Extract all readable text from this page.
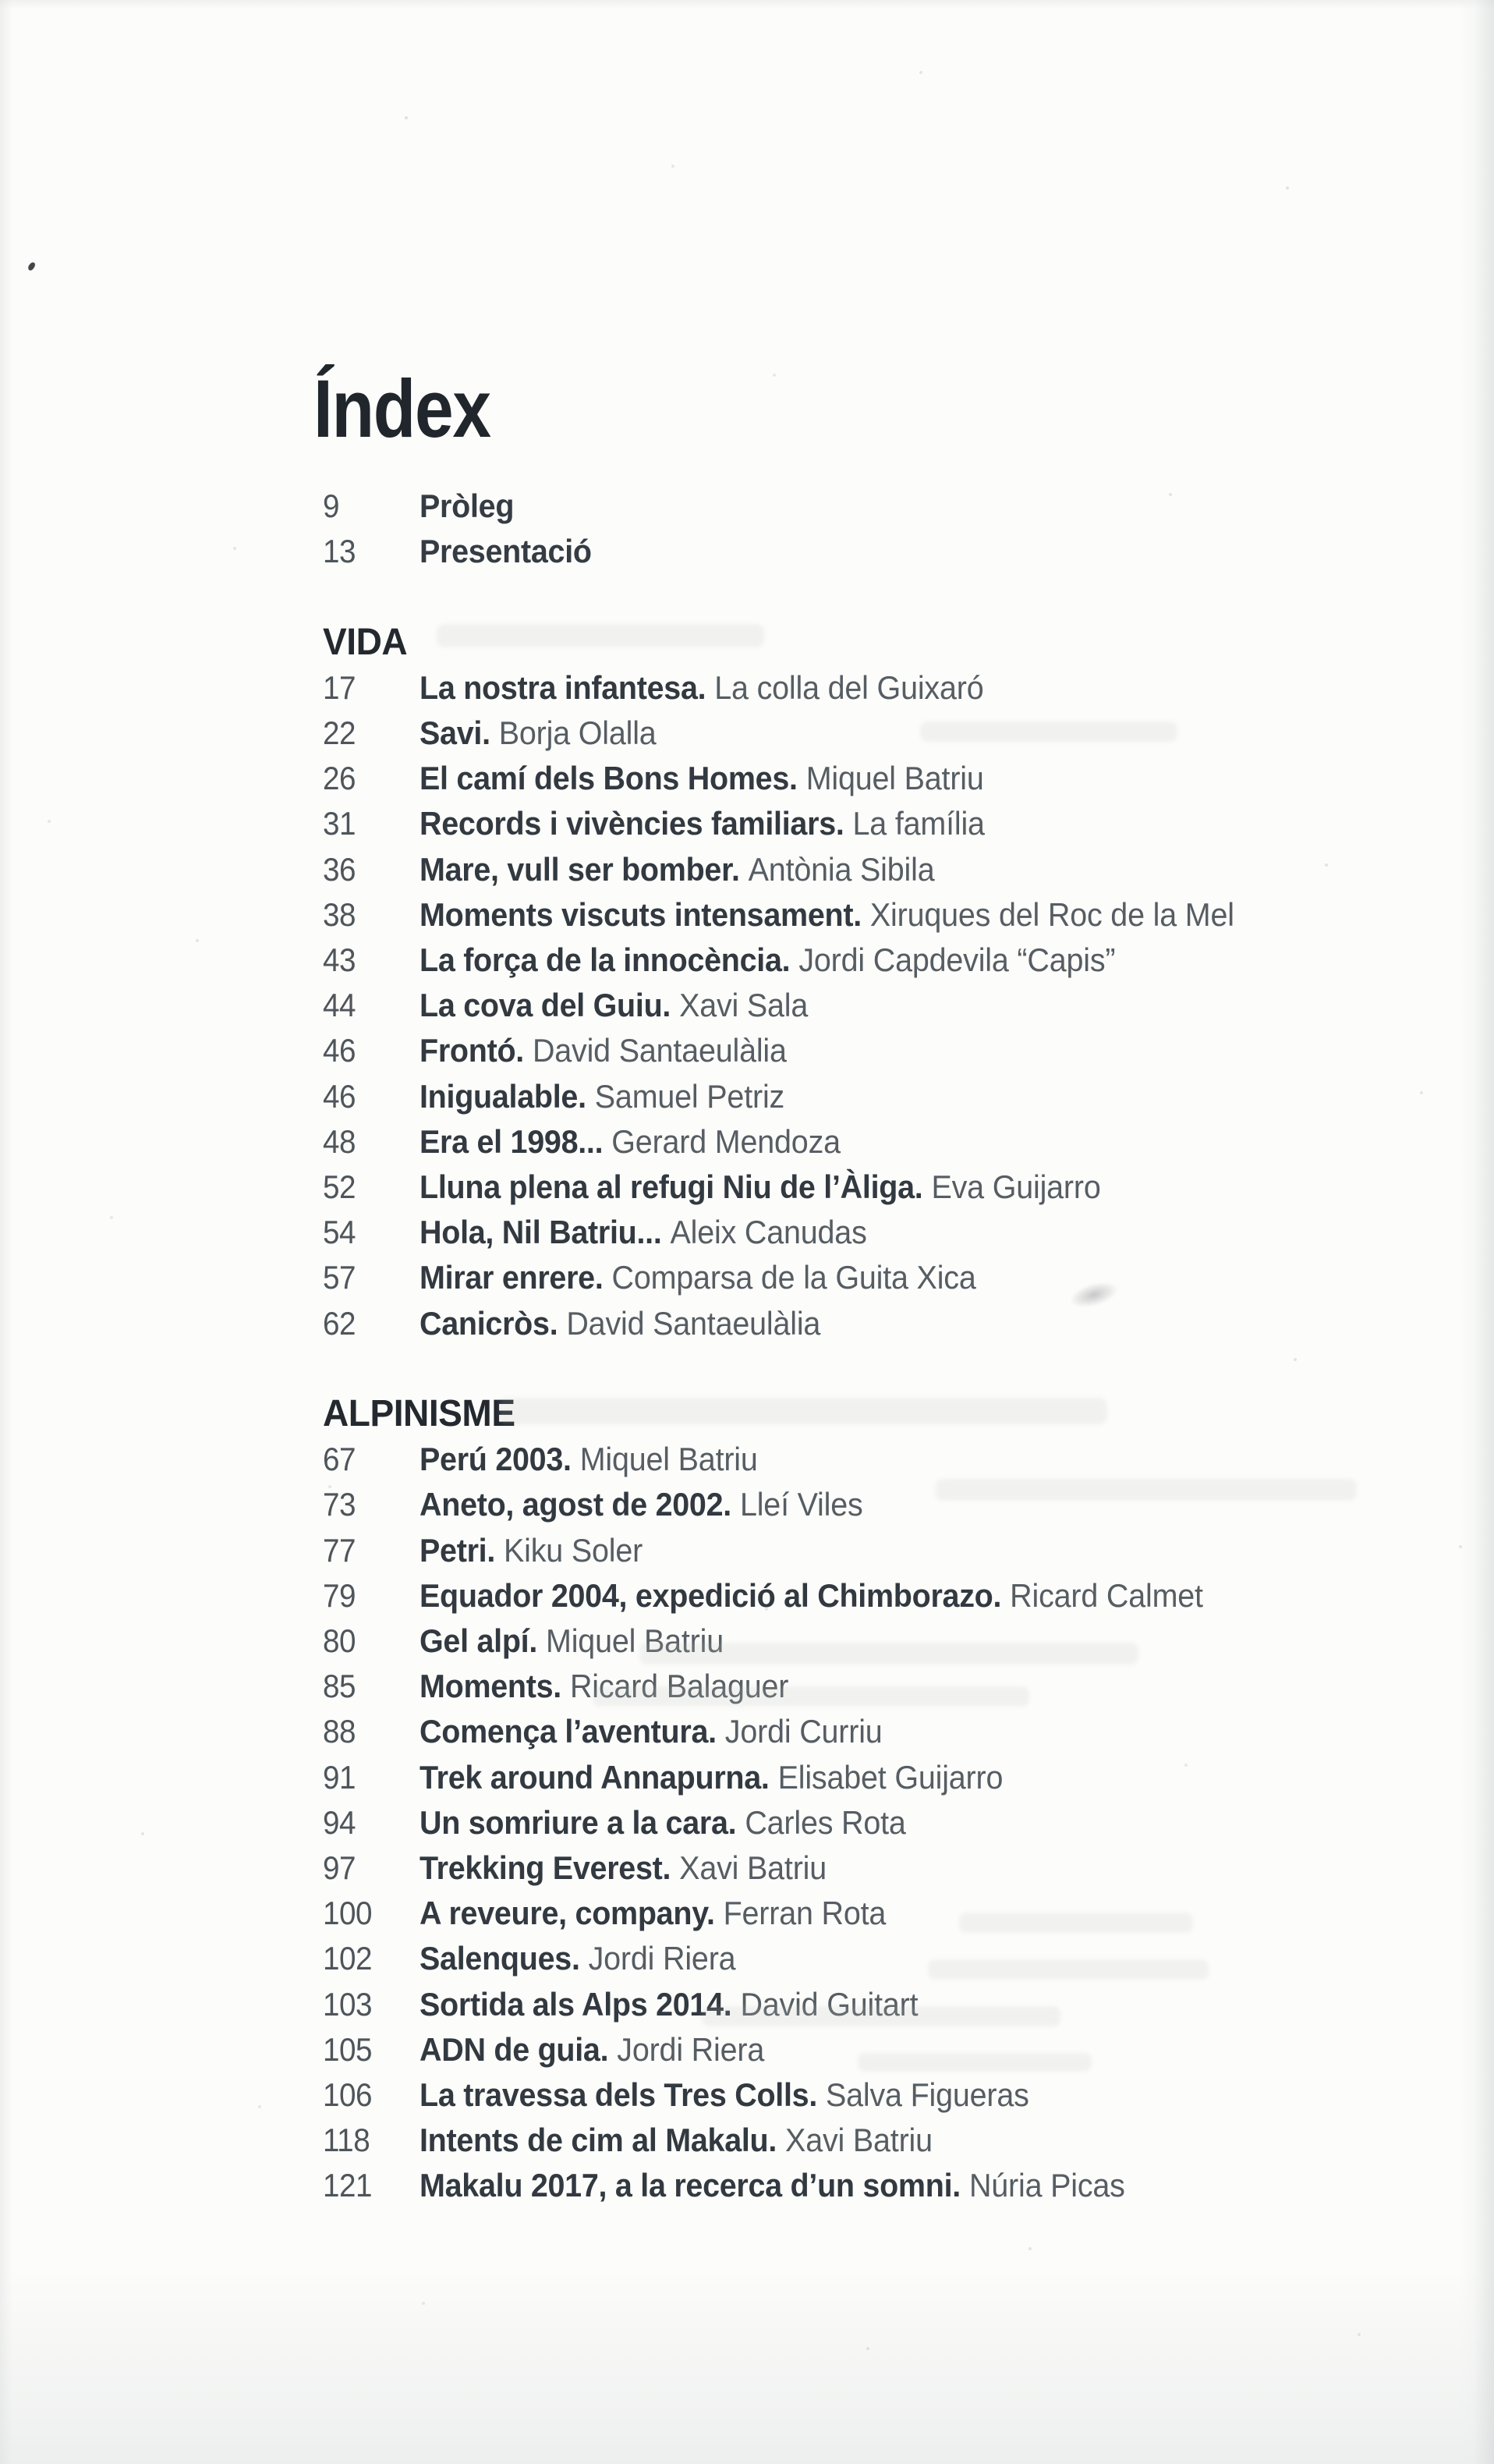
Índex
9	Pròleg
13	Presentació
VIDA
17	La nostra infantesa. La colla del Guixaró
22	Savi. Borja Olalla
26	El camí dels Bons Homes. Miquel Batriu
31	Records i vivències familiars. La família
36	Mare, vull ser bomber. Antònia Sibila
38	Moments viscuts intensament. Xiruques del Roc de la Mel
43	La força de la innocència. Jordi Capdevila “Capis”
44	La cova del Guiu. Xavi Sala
46	Frontó. David Santaeulàlia
46	Inigualable. Samuel Petriz
48	Era el 1998... Gerard Mendoza
52	Lluna plena al refugi Niu de l’Àliga. Eva Guijarro
54	Hola, Nil Batriu... Aleix Canudas
57	Mirar enrere. Comparsa de la Guita Xica
62	Canicròs. David Santaeulàlia
ALPINISME
67	Perú 2003. Miquel Batriu
73	Aneto, agost de 2002. Lleí Viles
77	Petri. Kiku Soler
79	Equador 2004, expedició al Chimborazo. Ricard Calmet
80	Gel alpí. Miquel Batriu
85	Moments. Ricard Balaguer
88	Comença l’aventura. Jordi Curriu
91	Trek around Annapurna. Elisabet Guijarro
94	Un somriure a la cara. Carles Rota
97	Trekking Everest. Xavi Batriu
100	A reveure, company. Ferran Rota
102	Salenques. Jordi Riera
103	Sortida als Alps 2014. David Guitart
105	ADN de guia. Jordi Riera
106	La travessa dels Tres Colls. Salva Figueras
118	Intents de cim al Makalu. Xavi Batriu
121	Makalu 2017, a la recerca d’un somni. Núria Picas
